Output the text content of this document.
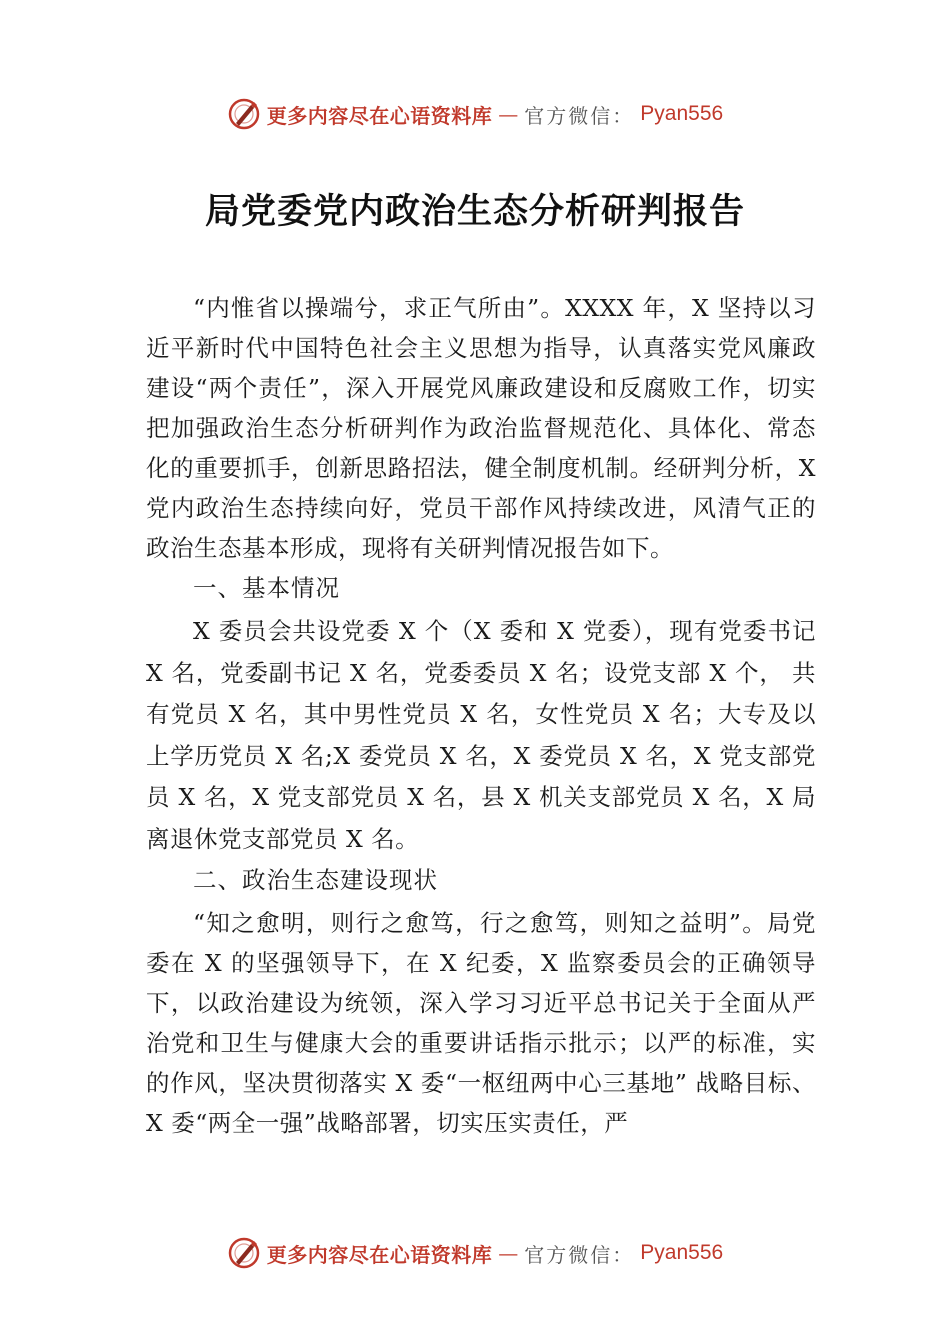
更多内容尽在心语资料库 — 官方微信： Pyan556
局党委党内政治生态分析研判报告

“内惟省以操端兮，求正气所由”。XXXX 年，X 坚持以习近平新时代中国特色社会主义思想为指导，认真落实党风廉政建设“两个责任”，深入开展党风廉政建设和反腐败工作，切实把加强政治生态分析研判作为政治监督规范化、具体化、常态化的重要抓手，创新思路招法，健全制度机制。经研判分析，X 党内政治生态持续向好，党员干部作风持续改进，风清气正的政治生态基本形成，现将有关研判情况报告如下。

一、基本情况

X 委员会共设党委 X 个（X 委和 X 党委），现有党委书记 X 名，党委副书记 X 名，党委委员 X 名；设党支部 X 个， 共有党员 X 名，其中男性党员 X 名，女性党员 X 名；大专及以上学历党员 X 名;X 委党员 X 名，X 委党员 X 名，X 党支部党员 X 名，X 党支部党员 X 名，县 X 机关支部党员 X 名，X 局离退休党支部党员 X 名。

二、政治生态建设现状

“知之愈明，则行之愈笃，行之愈笃，则知之益明”。局党委在 X 的坚强领导下，在 X 纪委，X 监察委员会的正确领导下，以政治建设为统领，深入学习习近平总书记关于全面从严治党和卫生与健康大会的重要讲话指示批示；以严的标准，实的作风，坚决贯彻落实 X 委“一枢纽两中心三基地” 战略目标、X 委“两全一强”战略部署，切实压实责任，严

更多内容尽在心语资料库 — 官方微信： Pyan556
